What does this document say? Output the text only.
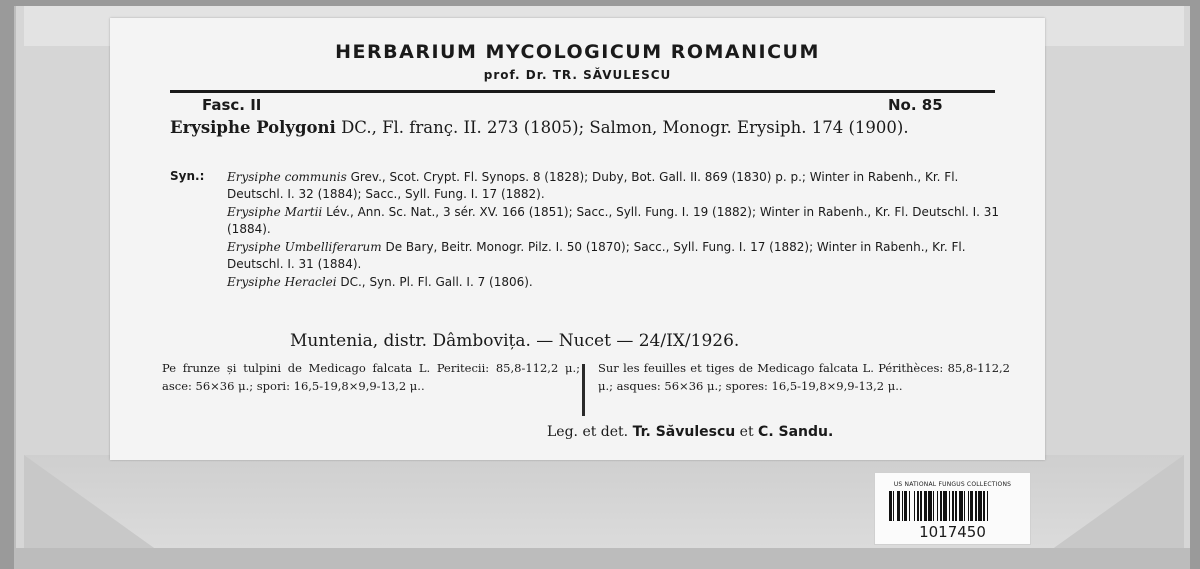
HERBARIUM MYCOLOGICUM ROMANICUM
prof. Dr. TR. SĂVULESCU
Fasc. II	No. 85
Erysiphe Polygoni DC., Fl. franç. II. 273 (1805); Salmon, Monogr. Erysiph. 174 (1900).
Syn.: Erysiphe communis Grev., Scot. Crypt. Fl. Synops. 8 (1828); Duby, Bot. Gall. II. 869 (1830) p. p.; Winter in Rabenh., Kr. Fl. Deutschl. I. 32 (1884); Sacc., Syll. Fung. I. 17 (1882).

Erysiphe Martii Lév., Ann. Sc. Nat., 3 sér. XV. 166 (1851); Sacc., Syll. Fung. I. 19 (1882); Winter in Rabenh., Kr. Fl. Deutschl. I. 31 (1884).

Erysiphe Umbelliferarum De Bary, Beitr. Monogr. Pilz. I. 50 (1870); Sacc., Syll. Fung. I. 17 (1882); Winter in Rabenh., Kr. Fl. Deutschl. I. 31 (1884).

Erysiphe Heraclei DC., Syn. Pl. Fl. Gall. I. 7 (1806).

Muntenia, distr. Dâmbovița. — Nucet — 24/IX/1926.
Pe frunze și tulpini de Medicago falcata L. Peritecii: 85,8-112,2 μ.; asce: 56×36 μ.; spori: 16,5-19,8×9,9-13,2 μ..
Sur les feuilles et tiges de Medicago falcata L. Périthèces: 85,8-112,2 μ.; asques: 56×36 μ.; spores: 16,5-19,8×9,9-13,2 μ..
Leg. et det. Tr. Săvulescu et C. Sandu.
US NATIONAL FUNGUS COLLECTIONS
1017450
